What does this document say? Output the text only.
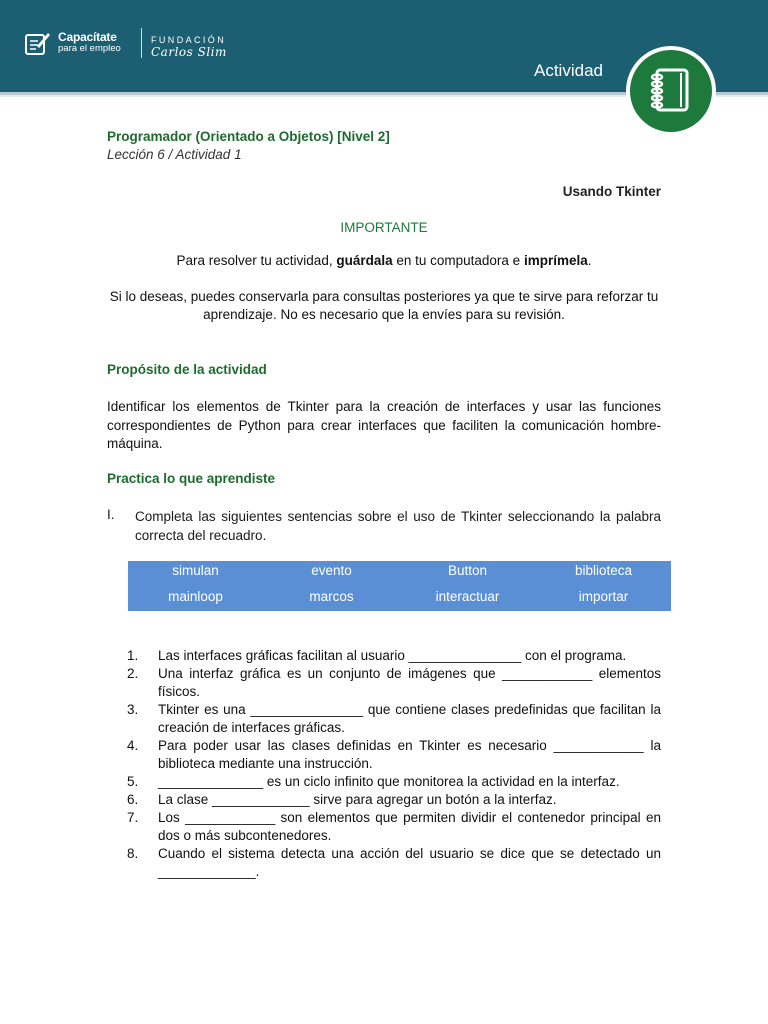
Capacítate
para el empleo
FUNDACIÓN
Carlos Slim
Actividad
Programador (Orientado a Objetos) [Nivel 2]
Lección 6 / Actividad 1
Usando Tkinter
IMPORTANTE
Para resolver tu actividad, guárdala en tu computadora e imprímela.
Si lo deseas, puedes conservarla para consultas posteriores ya que te sirve para reforzar tu aprendizaje. No es necesario que la envíes para su revisión.
Propósito de la actividad
Identificar los elementos de Tkinter para la creación de interfaces y usar las funciones correspondientes de Python para crear interfaces que faciliten la comunicación hombre-máquina.
Practica lo que aprendiste
I. Completa las siguientes sentencias sobre el uso de Tkinter seleccionando la palabra correcta del recuadro.
simulan	evento	Button	biblioteca
mainloop	marcos	interactuar	importar
1.	Las interfaces gráficas facilitan al usuario _______________ con el programa.
2.	Una interfaz gráfica es un conjunto de imágenes que ____________ elementos físicos.
3.	Tkinter es una _______________ que contiene clases predefinidas que facilitan la creación de interfaces gráficas.
4.	Para poder usar las clases definidas en Tkinter es necesario ____________ la biblioteca mediante una instrucción.
5.	______________ es un ciclo infinito que monitorea la actividad en la interfaz.
6.	La clase _____________ sirve para agregar un botón a la interfaz.
7.	Los ____________ son elementos que permiten dividir el contenedor principal en dos o más subcontenedores.
8.	Cuando el sistema detecta una acción del usuario se dice que se detectado un _____________.
